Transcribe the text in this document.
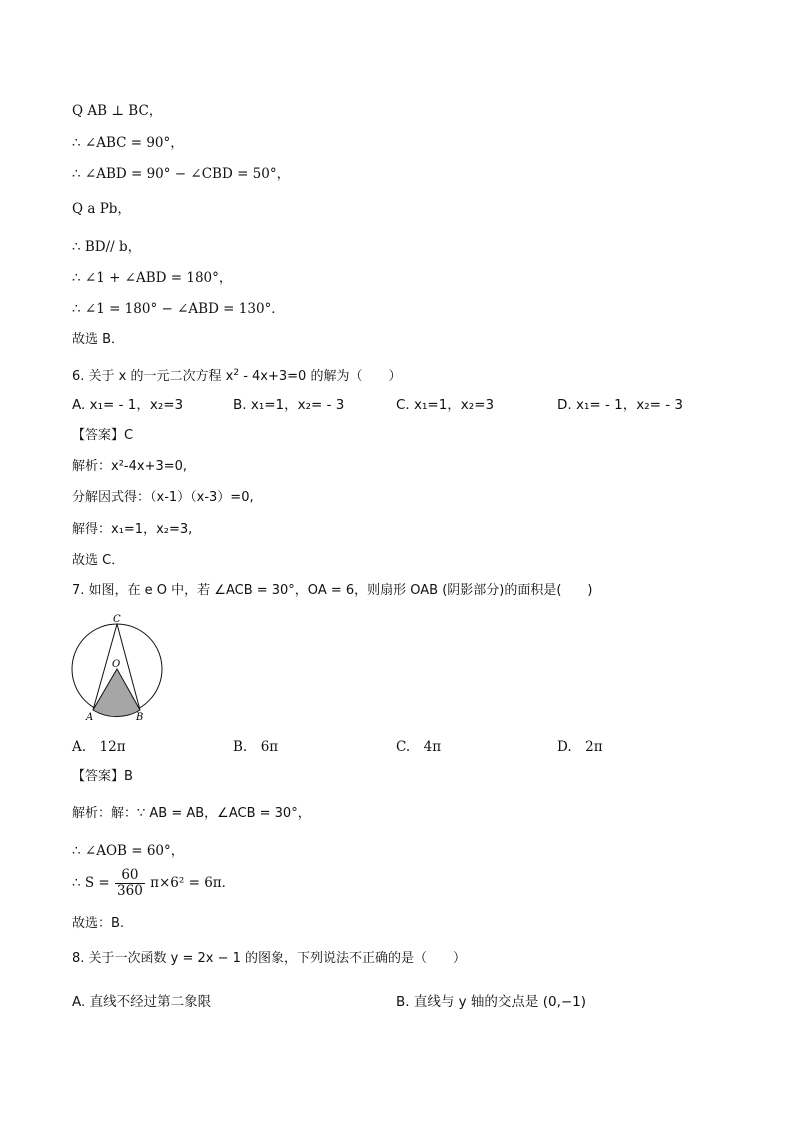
Q AB ⊥ BC，
∴ ∠ABC = 90°，
∴ ∠ABD = 90° − ∠CBD = 50°，
Q a Pb，
∴ BD// b，
∴ ∠1 + ∠ABD = 180°，
∴ ∠1 = 180° − ∠ABD = 130°．
故选 B．
6. 关于 x 的一元二次方程 $x^2 - 4x+3=0$ 的解为（　　）
A. x₁= - 1，x₂=3	B. x₁=1，x₂= - 3	C. x₁=1，x₂=3	D. x₁= - 1，x₂= - 3
【答案】C
解析：x²-4x+3=0,
分解因式得：（x-1）（x-3）=0,
解得：x₁=1，x₂=3,
故选 C．
7. 如图，在 e O 中，若 ∠ACB = 30°，OA = 6，则扇形 OAB (阴影部分)的面积是(　　)
C
O
A	B
A.　12π	B.　6π	C.　4π	D.　2π
【答案】B
解析：解：∵ AB = AB，∠ACB = 30°，
∴ ∠AOB = 60°，
∴ $S = \frac{60}{360} \pi\times 6^2 = 6\pi$．
故选：B.
8. 关于一次函数 y = 2x − 1 的图象，下列说法不正确的是（　　）
A. 直线不经过第二象限	B. 直线与 y 轴的交点是 (0,−1)
